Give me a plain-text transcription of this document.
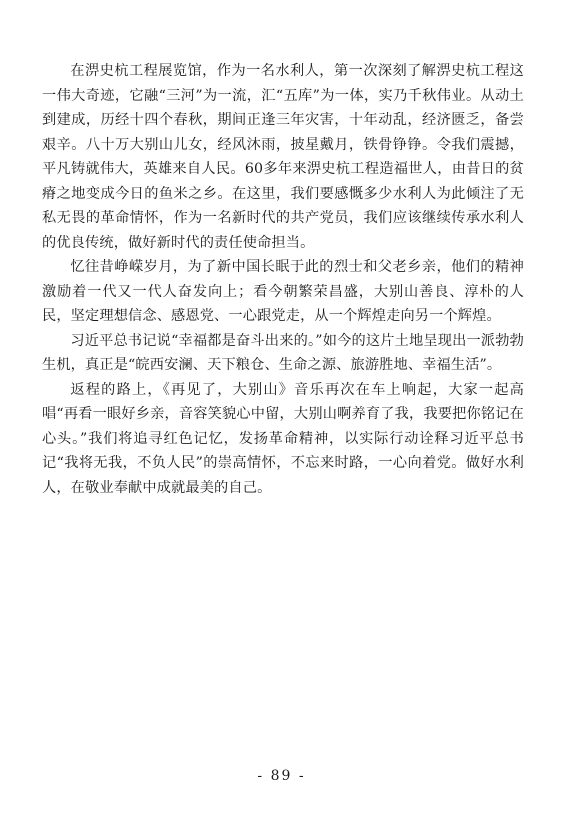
在淠史杭工程展览馆，作为一名水利人，第一次深刻了解淠史杭工程这一伟大奇迹，它融“三河”为一流，汇“五库”为一体，实乃千秋伟业。从动土到建成，历经十四个春秋，期间正逢三年灾害，十年动乱，经济匮乏，备尝艰辛。八十万大别山儿女，经风沐雨，披星戴月，铁骨铮铮。令我们震撼，平凡铸就伟大，英雄来自人民。60多年来淠史杭工程造福世人，由昔日的贫瘠之地变成今日的鱼米之乡。在这里，我们要感慨多少水利人为此倾注了无私无畏的革命情怀，作为一名新时代的共产党员，我们应该继续传承水利人的优良传统，做好新时代的责任使命担当。

忆往昔峥嵘岁月，为了新中国长眠于此的烈士和父老乡亲，他们的精神激励着一代又一代人奋发向上；看今朝繁荣昌盛，大别山善良、淳朴的人民，坚定理想信念、感恩党、一心跟党走，从一个辉煌走向另一个辉煌。

习近平总书记说“幸福都是奋斗出来的。”如今的这片土地呈现出一派勃勃生机，真正是“皖西安澜、天下粮仓、生命之源、旅游胜地、幸福生活”。

返程的路上，《再见了，大别山》音乐再次在车上响起，大家一起高唱“再看一眼好乡亲，音容笑貌心中留，大别山啊养育了我，我要把你铭记在心头。”我们将追寻红色记忆，发扬革命精神，以实际行动诠释习近平总书记“我将无我，不负人民”的崇高情怀，不忘来时路，一心向着党。做好水利人，在敬业奉献中成就最美的自己。

- 89 -
